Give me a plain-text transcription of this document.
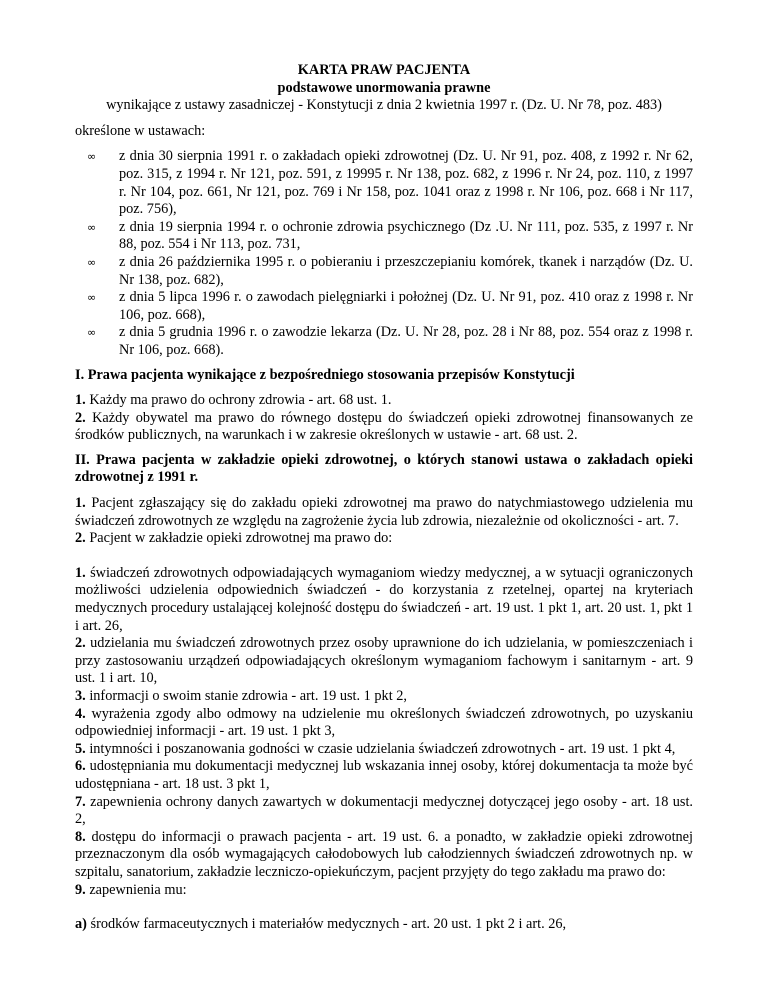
KARTA PRAW PACJENTA
podstawowe unormowania prawne
wynikające z ustawy zasadniczej - Konstytucji z dnia 2 kwietnia 1997 r. (Dz. U. Nr 78, poz. 483)

określone w ustawach:

∞ z dnia 30 sierpnia 1991 r. o zakładach opieki zdrowotnej (Dz. U. Nr 91, poz. 408, z 1992 r. Nr 62, poz. 315, z 1994 r. Nr 121, poz. 591, z 19995 r. Nr 138, poz. 682, z 1996 r. Nr 24, poz. 110, z 1997 r. Nr 104, poz. 661, Nr 121, poz. 769 i Nr 158, poz. 1041 oraz z 1998 r. Nr 106, poz. 668 i Nr 117, poz. 756),
∞ z dnia 19 sierpnia 1994 r. o ochronie zdrowia psychicznego (Dz .U. Nr 111, poz. 535, z 1997 r. Nr 88, poz. 554 i Nr 113, poz. 731,
∞ z dnia 26 października 1995 r. o pobieraniu i przeszczepianiu komórek, tkanek i narządów (Dz. U. Nr 138, poz. 682),
∞ z dnia 5 lipca 1996 r. o zawodach pielęgniarki i położnej (Dz. U. Nr 91, poz. 410 oraz z 1998 r. Nr 106, poz. 668),
∞ z dnia 5 grudnia 1996 r. o zawodzie lekarza (Dz. U. Nr 28, poz. 28 i Nr 88, poz. 554 oraz z 1998 r. Nr 106, poz. 668).
I. Prawa pacjenta wynikające z bezpośredniego stosowania przepisów Konstytucji
1. Każdy ma prawo do ochrony zdrowia - art. 68 ust. 1.
2. Każdy obywatel ma prawo do równego dostępu do świadczeń opieki zdrowotnej finansowanych ze środków publicznych, na warunkach i w zakresie określonych w ustawie - art. 68 ust. 2.
II. Prawa pacjenta w zakładzie opieki zdrowotnej, o których stanowi ustawa o zakładach opieki zdrowotnej z 1991 r.
1. Pacjent zgłaszający się do zakładu opieki zdrowotnej ma prawo do natychmiastowego udzielenia mu świadczeń zdrowotnych ze względu na zagrożenie życia lub zdrowia, niezależnie od okoliczności - art. 7.
2. Pacjent w zakładzie opieki zdrowotnej ma prawo do:
1. świadczeń zdrowotnych odpowiadających wymaganiom wiedzy medycznej, a w sytuacji ograniczonych możliwości udzielenia odpowiednich świadczeń - do korzystania z rzetelnej, opartej na kryteriach medycznych procedury ustalającej kolejność dostępu do świadczeń - art. 19 ust. 1 pkt 1, art. 20 ust. 1, pkt 1 i art. 26,
2. udzielania mu świadczeń zdrowotnych przez osoby uprawnione do ich udzielania, w pomieszczeniach i przy zastosowaniu urządzeń odpowiadających określonym wymaganiom fachowym i sanitarnym - art. 9 ust. 1 i art. 10,
3. informacji o swoim stanie zdrowia - art. 19 ust. 1 pkt 2,
4. wyrażenia zgody albo odmowy na udzielenie mu określonych świadczeń zdrowotnych, po uzyskaniu odpowiedniej informacji - art. 19 ust. 1 pkt 3,
5. intymności i poszanowania godności w czasie udzielania świadczeń zdrowotnych - art. 19 ust. 1 pkt 4,
6. udostępniania mu dokumentacji medycznej lub wskazania innej osoby, której dokumentacja ta może być udostępniana - art. 18 ust. 3 pkt 1,
7. zapewnienia ochrony danych zawartych w dokumentacji medycznej dotyczącej jego osoby - art. 18 ust. 2,
8. dostępu do informacji o prawach pacjenta - art. 19 ust. 6. a ponadto, w zakładzie opieki zdrowotnej przeznaczonym dla osób wymagających całodobowych lub całodziennych świadczeń zdrowotnych np. w szpitalu, sanatorium, zakładzie leczniczo-opiekuńczym, pacjent przyjęty do tego zakładu ma prawo do:
9. zapewnienia mu:
a) środków farmaceutycznych i materiałów medycznych - art. 20 ust. 1 pkt 2 i art. 26,
